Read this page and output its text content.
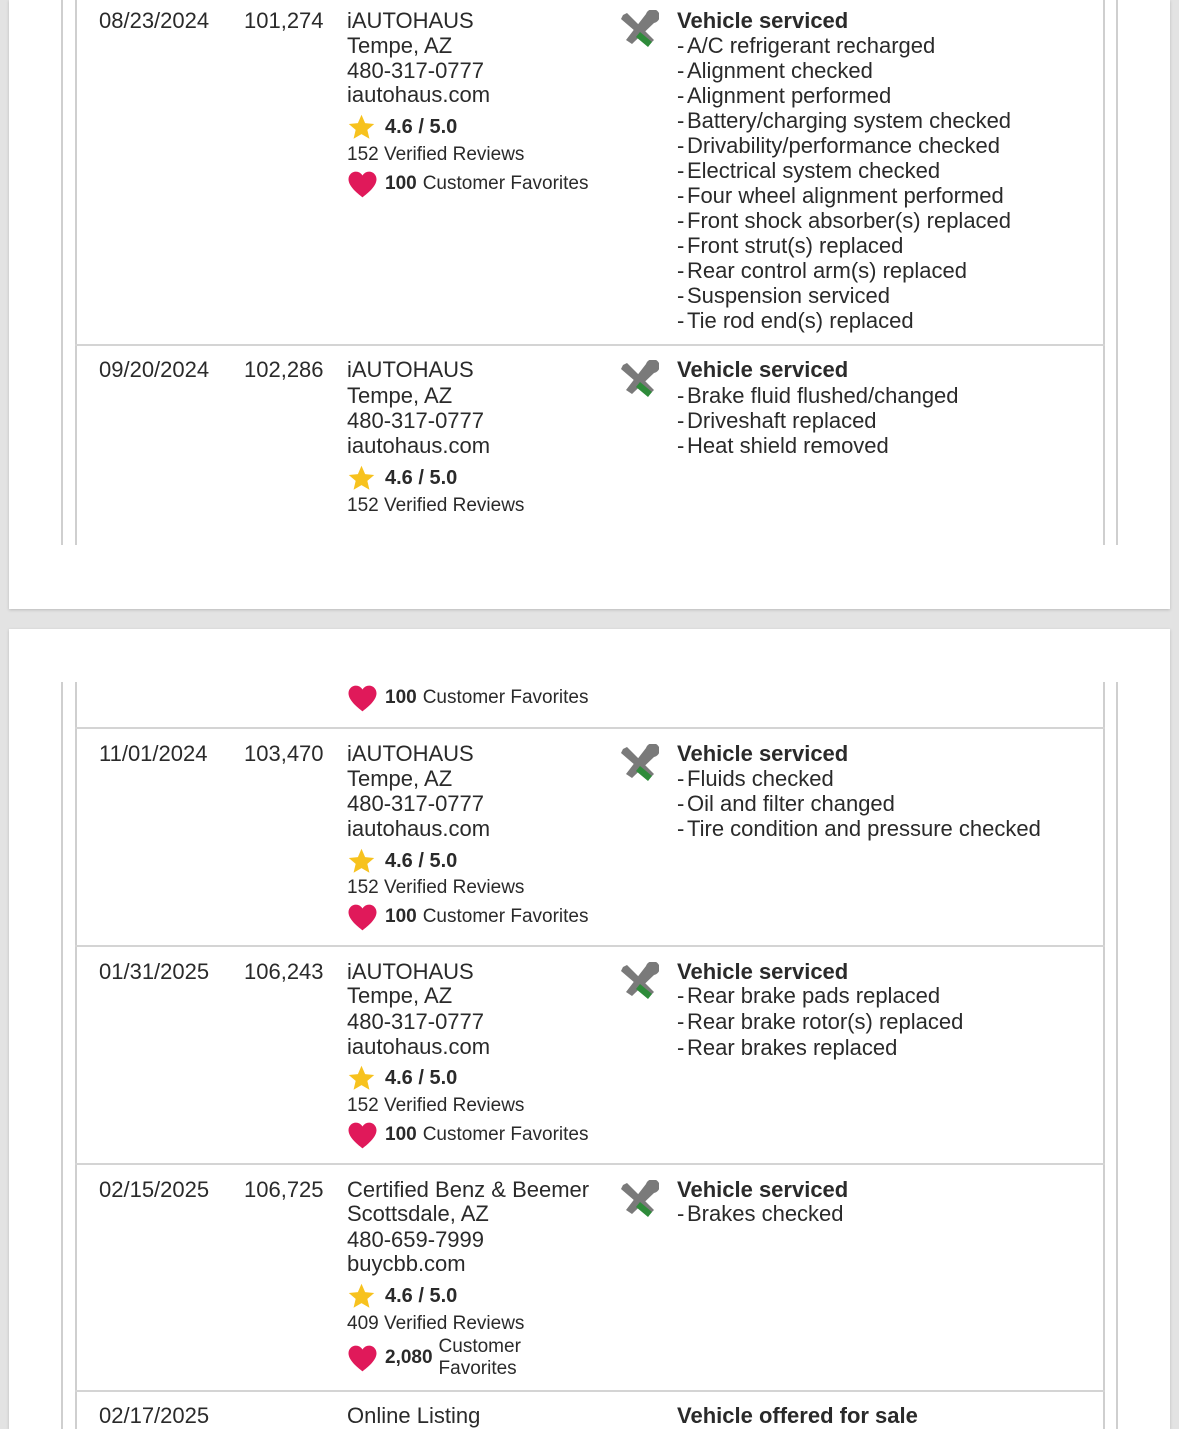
08/23/2024 101,274 iAUTOHAUS
Tempe, AZ
480-317-0777
iautohaus.com
4.6 / 5.0
152 Verified Reviews
100 Customer Favorites
Vehicle serviced
- A/C refrigerant recharged
- Alignment checked
- Alignment performed
- Battery/charging system checked
- Drivability/performance checked
- Electrical system checked
- Four wheel alignment performed
- Front shock absorber(s) replaced
- Front strut(s) replaced
- Rear control arm(s) replaced
- Suspension serviced
- Tie rod end(s) replaced
09/20/2024 102,286 iAUTOHAUS
Tempe, AZ
480-317-0777
iautohaus.com
4.6 / 5.0
152 Verified Reviews
Vehicle serviced
- Brake fluid flushed/changed
- Driveshaft replaced
- Heat shield removed
100 Customer Favorites
11/01/2024 103,470 iAUTOHAUS
Tempe, AZ
480-317-0777
iautohaus.com
4.6 / 5.0
152 Verified Reviews
100 Customer Favorites
Vehicle serviced
- Fluids checked
- Oil and filter changed
- Tire condition and pressure checked
01/31/2025 106,243 iAUTOHAUS
Tempe, AZ
480-317-0777
iautohaus.com
4.6 / 5.0
152 Verified Reviews
100 Customer Favorites
Vehicle serviced
- Rear brake pads replaced
- Rear brake rotor(s) replaced
- Rear brakes replaced
02/15/2025 106,725 Certified Benz & Beemer
Scottsdale, AZ
480-659-7999
buycbb.com
4.6 / 5.0
409 Verified Reviews
2,080
Customer
Favorites
Vehicle serviced
- Brakes checked
02/17/2025	Online Listing	Vehicle offered for sale
